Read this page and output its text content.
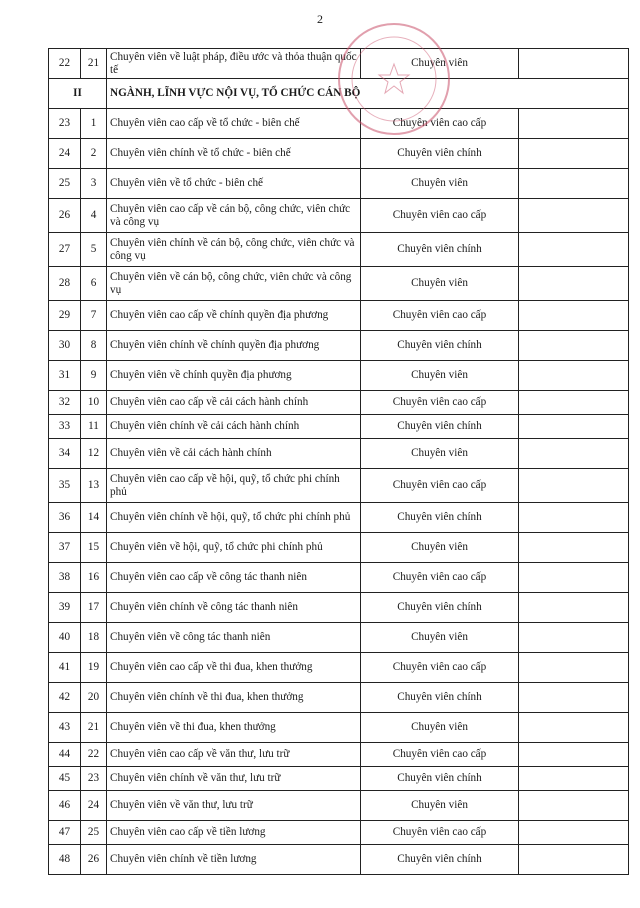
2
22	21	Chuyên viên về luật pháp, điều ước và thỏa thuận quốc tế	Chuyên viên	
II		NGÀNH, LĨNH VỰC NỘI VỤ, TỔ CHỨC CÁN BỘ		
23	1	Chuyên viên cao cấp về tổ chức - biên chế	Chuyên viên cao cấp	
24	2	Chuyên viên chính về tổ chức - biên chế	Chuyên viên chính	
25	3	Chuyên viên về tổ chức - biên chế	Chuyên viên	
26	4	Chuyên viên cao cấp về cán bộ, công chức, viên chức và công vụ	Chuyên viên cao cấp	
27	5	Chuyên viên chính về cán bộ, công chức, viên chức và công vụ	Chuyên viên chính	
28	6	Chuyên viên về cán bộ, công chức, viên chức và công vụ	Chuyên viên	
29	7	Chuyên viên cao cấp về chính quyền địa phương	Chuyên viên cao cấp	
30	8	Chuyên viên chính về chính quyền địa phương	Chuyên viên chính	
31	9	Chuyên viên về chính quyền địa phương	Chuyên viên	
32	10	Chuyên viên cao cấp về cải cách hành chính	Chuyên viên cao cấp	
33	11	Chuyên viên chính về cải cách hành chính	Chuyên viên chính	
34	12	Chuyên viên về cải cách hành chính	Chuyên viên	
35	13	Chuyên viên cao cấp về hội, quỹ, tổ chức phi chính phủ	Chuyên viên cao cấp	
36	14	Chuyên viên chính về hội, quỹ, tổ chức phi chính phủ	Chuyên viên chính	
37	15	Chuyên viên về hội, quỹ, tổ chức phi chính phủ	Chuyên viên	
38	16	Chuyên viên cao cấp về công tác thanh niên	Chuyên viên cao cấp	
39	17	Chuyên viên chính về công tác thanh niên	Chuyên viên chính	
40	18	Chuyên viên về công tác thanh niên	Chuyên viên	
41	19	Chuyên viên cao cấp về thi đua, khen thưởng	Chuyên viên cao cấp	
42	20	Chuyên viên chính về thi đua, khen thưởng	Chuyên viên chính	
43	21	Chuyên viên về thi đua, khen thưởng	Chuyên viên	
44	22	Chuyên viên cao cấp về văn thư, lưu trữ	Chuyên viên cao cấp	
45	23	Chuyên viên chính về văn thư, lưu trữ	Chuyên viên chính	
46	24	Chuyên viên về văn thư, lưu trữ	Chuyên viên	
47	25	Chuyên viên cao cấp về tiền lương	Chuyên viên cao cấp	
48	26	Chuyên viên chính về tiền lương	Chuyên viên chính	
